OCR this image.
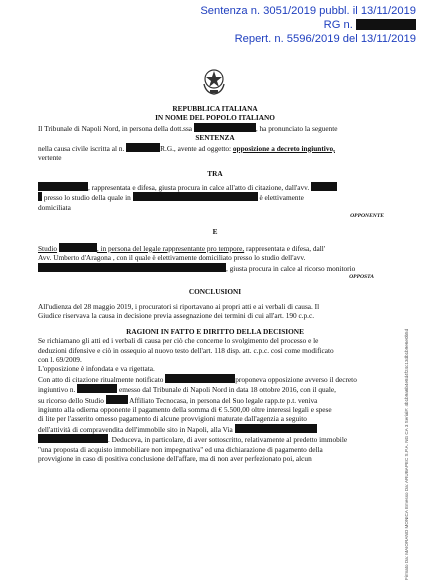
Sentenza n. 3051/2019 pubbl. il 13/11/2019
RG n.
Repert. n. 5596/2019 del 13/11/2019

REPUBBLICA ITALIANA

IN NOME DEL POPOLO ITALIANO

Il Tribunale di Napoli Nord, in persona della dott.ssa	, ha pronunciato la seguente

SENTENZA

nella causa civile iscritta al n.	R.G., avente ad oggetto: opposizione a decreto ingiuntivo,

vertente

TRA

, rappresentata e difesa, giusta procura in calce all'atto di citazione, dall'avv.

presso lo studio della quale in	è elettivamente

domiciliata

OPPONENTE

E

Studio	, in persona del legale rappresentante pro tempore, rappresentata e difesa, dall'

Avv. Umberto d'Aragona , con il quale è elettivamente domiciliato presso lo studio dell'avv.

, giusta procura in calce al ricorso monitorio

OPPOSTA

CONCLUSIONI

All'udienza del 28 maggio 2019, i procuratori si riportavano ai propri atti e ai verbali di causa. Il

Giudice riservava la causa in decisione previa assegnazione dei termini di cui all'art. 190 c.p.c.

RAGIONI IN FATTO E DIRITTO DELLA DECISIONE

Se richiamano gli atti ed i verbali di causa per ciò che concerne lo svolgimento del processo e le

deduzioni difensive e ciò in ossequio al nuovo testo dell'art. 118 disp. att. c.p.c. così come modificato

con l. 69/2009.

L'opposizione è infondata e va rigettata.

Con atto di citazione ritualmente notificato	proponeva opposizione avverso il decreto

ingiuntivo n.	emesso dal Tribunale di Napoli Nord in data 18 ottobre 2016, con il quale,

su ricorso dello Studio	Affiliato Tecnocasa, in persona del Suo legale rapp.te p.t. veniva

ingiunto alla odierna opponente il pagamento della somma di € 5.500,00 oltre interessi legali e spese

di lite per l'asserito omesso pagamento di alcune provvigioni maturate dall'agenzia a seguito

dell'attività di compravendita dell'immobile sito in Napoli, alla Via

. Deduceva, in particolare, di aver sottoscritto, relativamente al predetto immobile

"una proposta di acquisto immobiliare non impegnativa" ed una dichiarazione di pagamento della

provvigione in caso di positiva conclusione dell'affare, ma di non aver perfezionato poi, alcun	Firmato Da: MAIORANO MONICA Emesso Da: ARUBAPEC S.P.A. NG CA 3 Serial#: 4b1b9a6b4e8d4f24c13db1b9e6e0b5d
